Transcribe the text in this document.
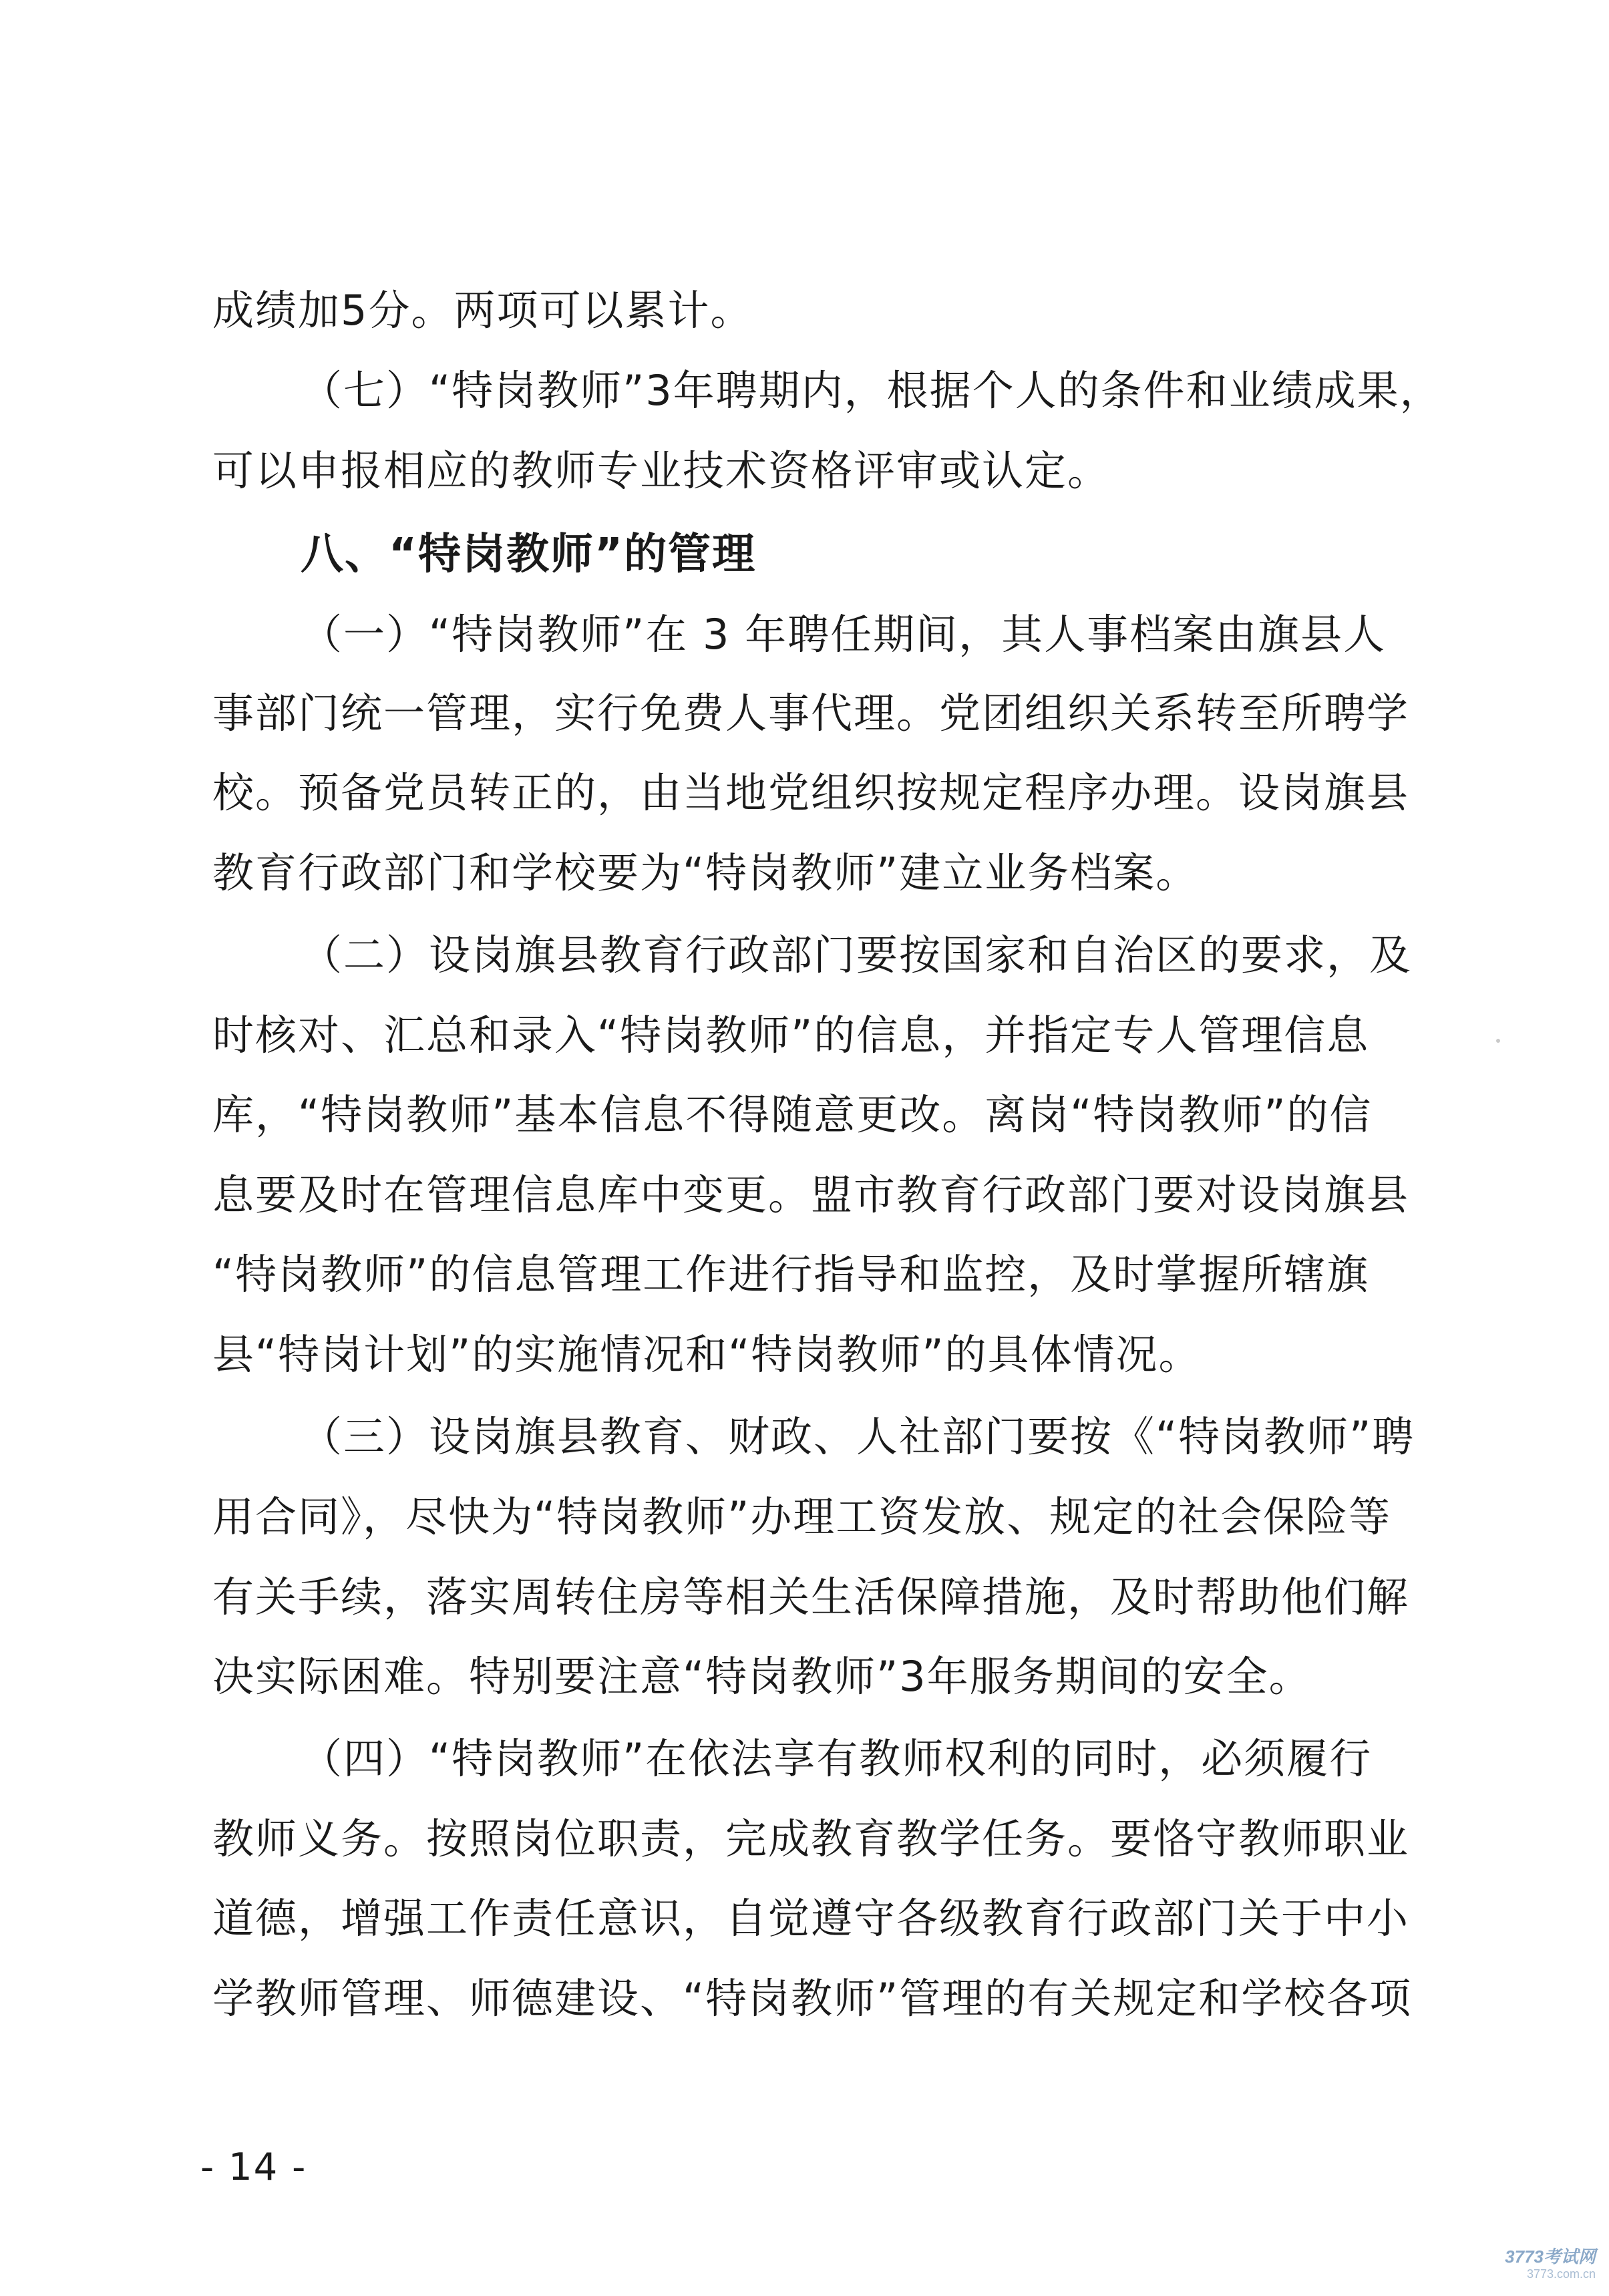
成绩加5分。两项可以累计。
（七）“特岗教师”3年聘期内，根据个人的条件和业绩成果，
可以申报相应的教师专业技术资格评审或认定。
八、“特岗教师”的管理
（一）“特岗教师”在 3 年聘任期间，其人事档案由旗县人
事部门统一管理，实行免费人事代理。党团组织关系转至所聘学
校。预备党员转正的，由当地党组织按规定程序办理。设岗旗县
教育行政部门和学校要为“特岗教师”建立业务档案。
（二）设岗旗县教育行政部门要按国家和自治区的要求，及
时核对、汇总和录入“特岗教师”的信息，并指定专人管理信息
库，“特岗教师”基本信息不得随意更改。离岗“特岗教师”的信
息要及时在管理信息库中变更。盟市教育行政部门要对设岗旗县
“特岗教师”的信息管理工作进行指导和监控，及时掌握所辖旗
县“特岗计划”的实施情况和“特岗教师”的具体情况。
（三）设岗旗县教育、财政、人社部门要按《“特岗教师”聘
用合同》，尽快为“特岗教师”办理工资发放、规定的社会保险等
有关手续，落实周转住房等相关生活保障措施，及时帮助他们解
决实际困难。特别要注意“特岗教师”3年服务期间的安全。
（四）“特岗教师”在依法享有教师权利的同时，必须履行
教师义务。按照岗位职责，完成教育教学任务。要恪守教师职业
道德，增强工作责任意识，自觉遵守各级教育行政部门关于中小
学教师管理、师德建设、“特岗教师”管理的有关规定和学校各项
- 14 -
3773考试网
3773.com.cn
